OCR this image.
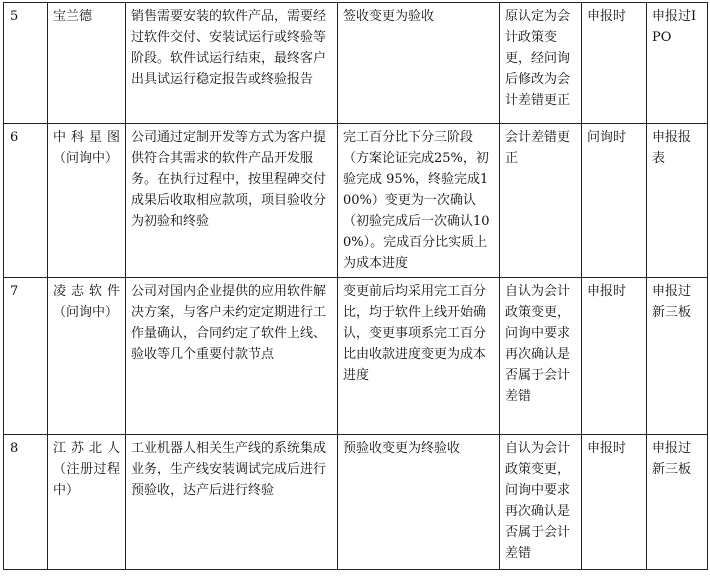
5	宝兰德	销售需要安装的软件产品，需要经过软件交付、安装试运行或终验等阶段。软件试运行结束，最终客户出具试运行稳定报告或终验报告	签收变更为验收	原认定为会计政策变更，经问询后修改为会计差错更正	申报时	申报过IPO
6	中科星图（问询中）	公司通过定制开发等方式为客户提供符合其需求的软件产品开发服务。在执行过程中，按里程碑交付成果后收取相应款项，项目验收分为初验和终验	完工百分比下分三阶段（方案论证完成25%，初验完成 95%，终验完成100%）变更为一次确认（初验完成后一次确认100%）。完成百分比实质上为成本进度	会计差错更正	问询时	申报报表
7	凌志软件（问询中）	公司对国内企业提供的应用软件解决方案，与客户未约定定期进行工作量确认，合同约定了软件上线、验收等几个重要付款节点	变更前后均采用完工百分比，均于软件上线开始确认，变更事项系完工百分比由收款进度变更为成本进度	自认为会计政策变更，问询中要求再次确认是否属于会计差错	申报时	申报过新三板
8	江苏北人（注册过程中）	工业机器人相关生产线的系统集成业务，生产线安装调试完成后进行预验收，达产后进行终验	预验收变更为终验收	自认为会计政策变更，问询中要求再次确认是否属于会计差错	申报时	申报过新三板
